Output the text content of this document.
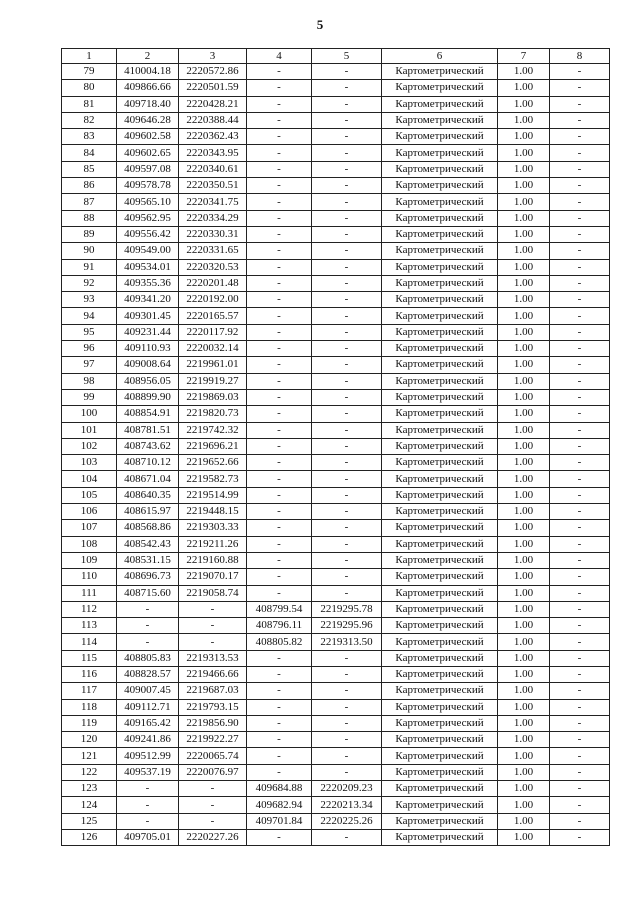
5
1	2	3	4	5	6	7	8
79	410004.18	2220572.86	-	-	Картометрический	1.00	-
80	409866.66	2220501.59	-	-	Картометрический	1.00	-
81	409718.40	2220428.21	-	-	Картометрический	1.00	-
82	409646.28	2220388.44	-	-	Картометрический	1.00	-
83	409602.58	2220362.43	-	-	Картометрический	1.00	-
84	409602.65	2220343.95	-	-	Картометрический	1.00	-
85	409597.08	2220340.61	-	-	Картометрический	1.00	-
86	409578.78	2220350.51	-	-	Картометрический	1.00	-
87	409565.10	2220341.75	-	-	Картометрический	1.00	-
88	409562.95	2220334.29	-	-	Картометрический	1.00	-
89	409556.42	2220330.31	-	-	Картометрический	1.00	-
90	409549.00	2220331.65	-	-	Картометрический	1.00	-
91	409534.01	2220320.53	-	-	Картометрический	1.00	-
92	409355.36	2220201.48	-	-	Картометрический	1.00	-
93	409341.20	2220192.00	-	-	Картометрический	1.00	-
94	409301.45	2220165.57	-	-	Картометрический	1.00	-
95	409231.44	2220117.92	-	-	Картометрический	1.00	-
96	409110.93	2220032.14	-	-	Картометрический	1.00	-
97	409008.64	2219961.01	-	-	Картометрический	1.00	-
98	408956.05	2219919.27	-	-	Картометрический	1.00	-
99	408899.90	2219869.03	-	-	Картометрический	1.00	-
100	408854.91	2219820.73	-	-	Картометрический	1.00	-
101	408781.51	2219742.32	-	-	Картометрический	1.00	-
102	408743.62	2219696.21	-	-	Картометрический	1.00	-
103	408710.12	2219652.66	-	-	Картометрический	1.00	-
104	408671.04	2219582.73	-	-	Картометрический	1.00	-
105	408640.35	2219514.99	-	-	Картометрический	1.00	-
106	408615.97	2219448.15	-	-	Картометрический	1.00	-
107	408568.86	2219303.33	-	-	Картометрический	1.00	-
108	408542.43	2219211.26	-	-	Картометрический	1.00	-
109	408531.15	2219160.88	-	-	Картометрический	1.00	-
110	408696.73	2219070.17	-	-	Картометрический	1.00	-
111	408715.60	2219058.74	-	-	Картометрический	1.00	-
112	-	-	408799.54	2219295.78	Картометрический	1.00	-
113	-	-	408796.11	2219295.96	Картометрический	1.00	-
114	-	-	408805.82	2219313.50	Картометрический	1.00	-
115	408805.83	2219313.53	-	-	Картометрический	1.00	-
116	408828.57	2219466.66	-	-	Картометрический	1.00	-
117	409007.45	2219687.03	-	-	Картометрический	1.00	-
118	409112.71	2219793.15	-	-	Картометрический	1.00	-
119	409165.42	2219856.90	-	-	Картометрический	1.00	-
120	409241.86	2219922.27	-	-	Картометрический	1.00	-
121	409512.99	2220065.74	-	-	Картометрический	1.00	-
122	409537.19	2220076.97	-	-	Картометрический	1.00	-
123	-	-	409684.88	2220209.23	Картометрический	1.00	-
124	-	-	409682.94	2220213.34	Картометрический	1.00	-
125	-	-	409701.84	2220225.26	Картометрический	1.00	-
126	409705.01	2220227.26	-	-	Картометрический	1.00	-
